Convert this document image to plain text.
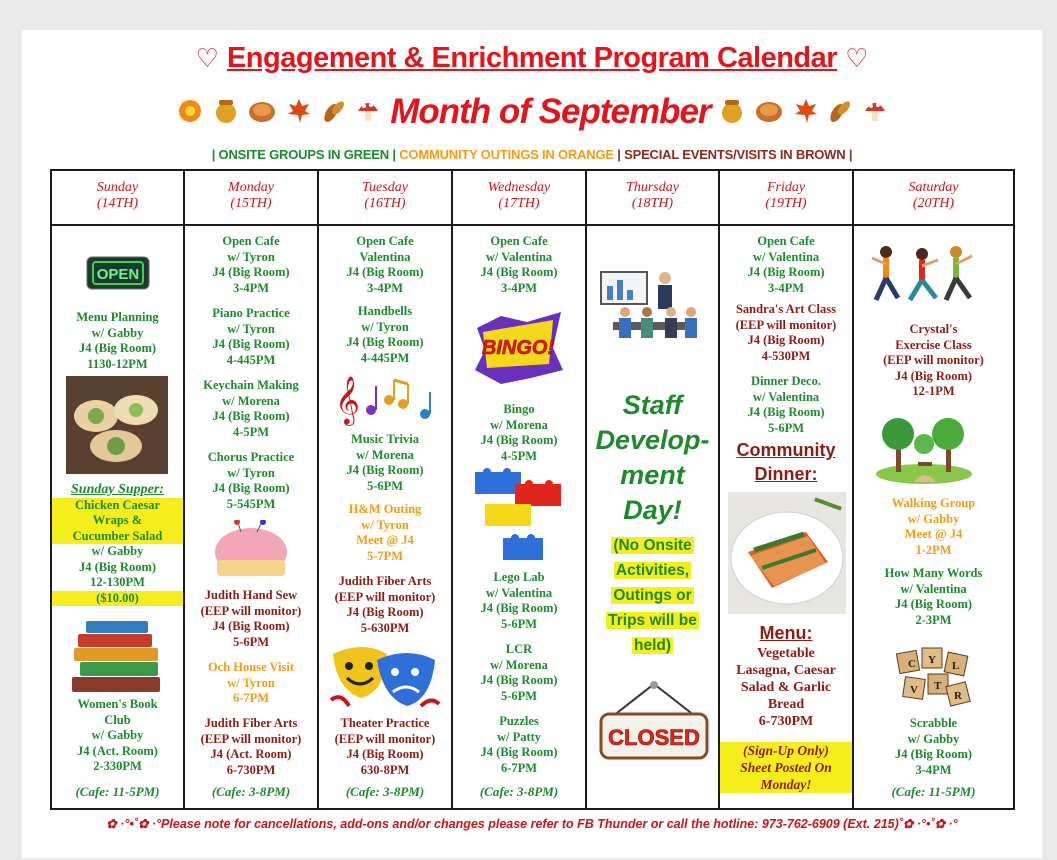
♡ Engagement & Enrichment Program Calendar ♡
Month of September
| ONSITE GROUPS IN GREEN | COMMUNITY OUTINGS IN ORANGE | SPECIAL EVENTS/VISITS IN BROWN |
Sunday
(14TH)
OPEN
Menu Planning
w/ Gabby
J4 (Big Room)
1130-12PM
Sunday Supper:
Chicken Caesar
Wraps &
Cucumber Salad
w/ Gabby
J4 (Big Room)
12-130PM
($10.00)
Women's Book
Club
w/ Gabby
J4 (Act. Room)
2-330PM
(Cafe: 11-5PM)
Monday
(15TH)
Open Cafe
w/ Tyron
J4 (Big Room)
3-4PM
Piano Practice
w/ Tyron
J4 (Big Room)
4-445PM
Keychain Making
w/ Morena
J4 (Big Room)
4-5PM
Chorus Practice
w/ Tyron
J4 (Big Room)
5-545PM
Judith Hand Sew
(EEP will monitor)
J4 (Big Room)
5-6PM
Och House Visit
w/ Tyron
6-7PM
Judith Fiber Arts
(EEP will monitor)
J4 (Act. Room)
6-730PM
(Cafe: 3-8PM)
Tuesday
(16TH)
Open Cafe
Valentina
J4 (Big Room)
3-4PM
Handbells
w/ Tyron
J4 (Big Room)
4-445PM
𝄞
Music Trivia
w/ Morena
J4 (Big Room)
5-6PM
H&M Outing
w/ Tyron
Meet @ J4
5-7PM
Judith Fiber Arts
(EEP will monitor)
J4 (Big Room)
5-630PM
Theater Practice
(EEP will monitor)
J4 (Big Room)
630-8PM
(Cafe: 3-8PM)
Wednesday
(17TH)
Open Cafe
w/ Valentina
J4 (Big Room)
3-4PM
BINGO!
Bingo
w/ Morena
J4 (Big Room)
4-5PM
Lego Lab
w/ Valentina
J4 (Big Room)
5-6PM
LCR
w/ Morena
J4 (Big Room)
5-6PM
Puzzles
w/ Patty
J4 (Big Room)
6-7PM
(Cafe: 3-8PM)
Thursday
(18TH)
Staff
Develop-
ment
Day!
(No Onsite
Activities,
Outings or
Trips will be
held)
CLOSED
Friday
(19TH)
Open Cafe
w/ Valentina
J4 (Big Room)
3-4PM
Sandra's Art Class
(EEP will monitor)
J4 (Big Room)
4-530PM
Dinner Deco.
w/ Valentina
J4 (Big Room)
5-6PM
Community
Dinner:
Menu:
Vegetable
Lasagna, Caesar
Salad & Garlic
Bread
6-730PM
(Sign-Up Only)
Sheet Posted On
Monday!
Saturday
(20TH)
Crystal's
Exercise Class
(EEP will monitor)
J4 (Big Room)
12-1PM
Walking Group
w/ Gabby
Meet @ J4
1-2PM
How Many Words
w/ Valentina
J4 (Big Room)
2-3PM
C Y L
V T
R
Scrabble
w/ Gabby
J4 (Big Room)
3-4PM
(Cafe: 11-5PM)
✿ ·°•˚✿ ·°Please note for cancellations, add-ons and/or changes please refer to FB Thunder or call the hotline: 973-762-6909 (Ext. 215)˚✿ ·°•˚✿ ·°
